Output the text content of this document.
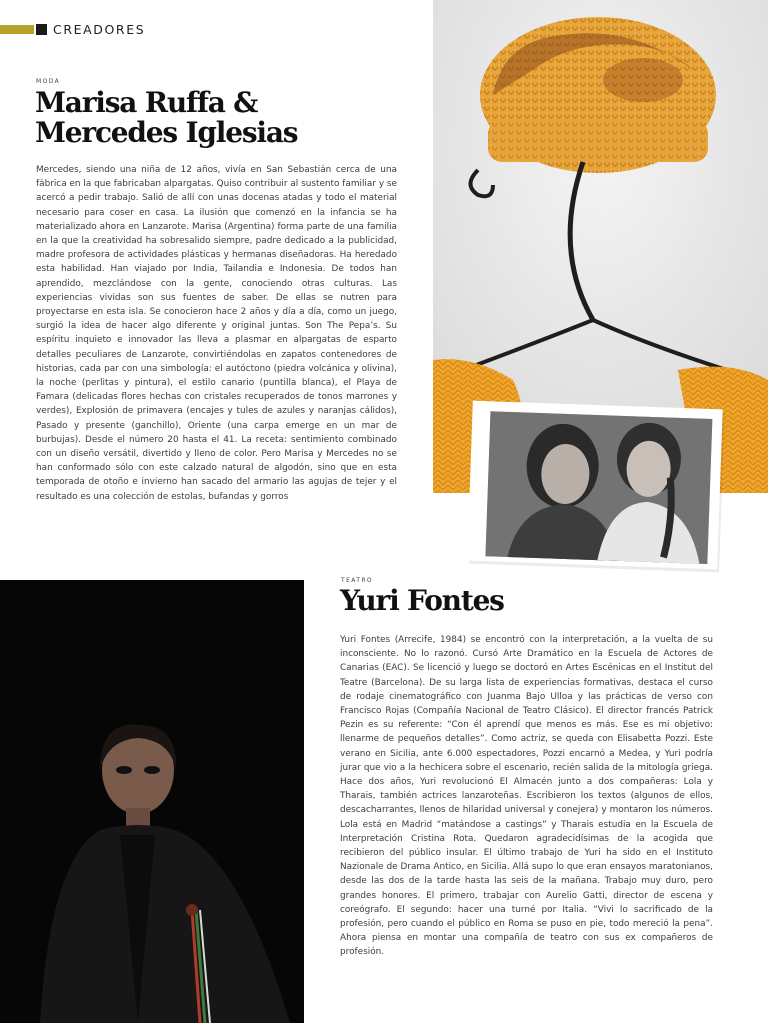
CREADORES
MODA
Marisa Ruffa &
Mercedes Iglesias

Mercedes, siendo una niña de 12 años, vivía en San Sebastián cerca de una fábrica en la que fabricaban alpargatas. Quiso contribuir al sustento familiar y se acercó a pedir trabajo. Salió de allí con unas docenas atadas y todo el material necesario para coser en casa. La ilusión que comenzó en la infancia se ha materializado ahora en Lanzarote. Marisa (Argentina) forma parte de una familia en la que la creatividad ha sobresalido siempre, padre dedicado a la publicidad, madre profesora de actividades plásticas y hermanas diseñadoras. Ha heredado esta habilidad. Han viajado por India, Tailandia e Indonesia. De todos han aprendido, mezclándose con la gente, conociendo otras culturas. Las experiencias vividas son sus fuentes de saber. De ellas se nutren para proyectarse en esta isla. Se conocieron hace 2 años y día a día, como un juego, surgió la idea de hacer algo diferente y original juntas. Son The Pepa’s. Su espíritu inquieto e innovador las lleva a plasmar en alpargatas de esparto detalles peculiares de Lanzarote, convirtiéndolas en zapatos contenedores de historias, cada par con una simbología: el autóctono (piedra volcánica y olivina), la noche (perlitas y pintura), el estilo canario (puntilla blanca), el Playa de Famara (delicadas flores hechas con cristales recuperados de tonos marrones y verdes), Explosión de primavera (encajes y tules de azules y naranjas cálidos), Pasado y presente (ganchillo), Oriente (una carpa emerge en un mar de burbujas). Desde el número 20 hasta el 41. La receta: sentimiento combinado con un diseño versátil, divertido y lleno de color. Pero Marisa y Mercedes no se han conformado sólo con este calzado natural de algodón, sino que en esta temporada de otoño e invierno han sacado del armario las agujas de tejer y el resultado es una colección de estolas, bufandas y gorros

TEATRO
Yuri Fontes

Yuri Fontes (Arrecife, 1984) se encontró con la interpretación, a la vuelta de su inconsciente. No lo razonó. Cursó Arte Dramático en la Escuela de Actores de Canarias (EAC). Se licenció y luego se doctoró en Artes Escénicas en el Institut del Teatre (Barcelona). De su larga lista de experiencias formativas, destaca el curso de rodaje cinematográfico con Juanma Bajo Ulloa y las prácticas de verso con Francisco Rojas (Compañía Nacional de Teatro Clásico). El director francés Patrick Pezin es su referente: “Con él aprendí que menos es más. Ese es mi objetivo: llenarme de pequeños detalles”. Como actriz, se queda con Elisabetta Pozzi. Este verano en Sicilia, ante 6.000 espectadores, Pozzi encarnó a Medea, y Yuri podría jurar que vio a la hechicera sobre el escenario, recién salida de la mitología griega. Hace dos años, Yuri revolucionó El Almacén junto a dos compañeras: Lola y Tharais, también actrices lanzaroteñas. Escribieron los textos (algunos de ellos, descacharrantes, llenos de hilaridad universal y conejera) y montaron los números. Lola está en Madrid “matándose a castings” y Tharais estudia en la Escuela de Interpretación Cristina Rota. Quedaron agradecidísimas de la acogida que recibieron del público insular. El último trabajo de Yuri ha sido en el Instituto Nazionale de Drama Antico, en Sicilia. Allá supo lo que eran ensayos maratonianos, desde las dos de la tarde hasta las seis de la mañana. Trabajo muy duro, pero grandes honores. El primero, trabajar con Aurelio Gatti, director de escena y coreógrafo. El segundo: hacer una turné por Italia. “Vivi lo sacrificado de la profesión, pero cuando el público en Roma se puso en pie, todo mereció la pena”. Ahora piensa en montar una compañía de teatro con sus ex compañeros de profesión.
